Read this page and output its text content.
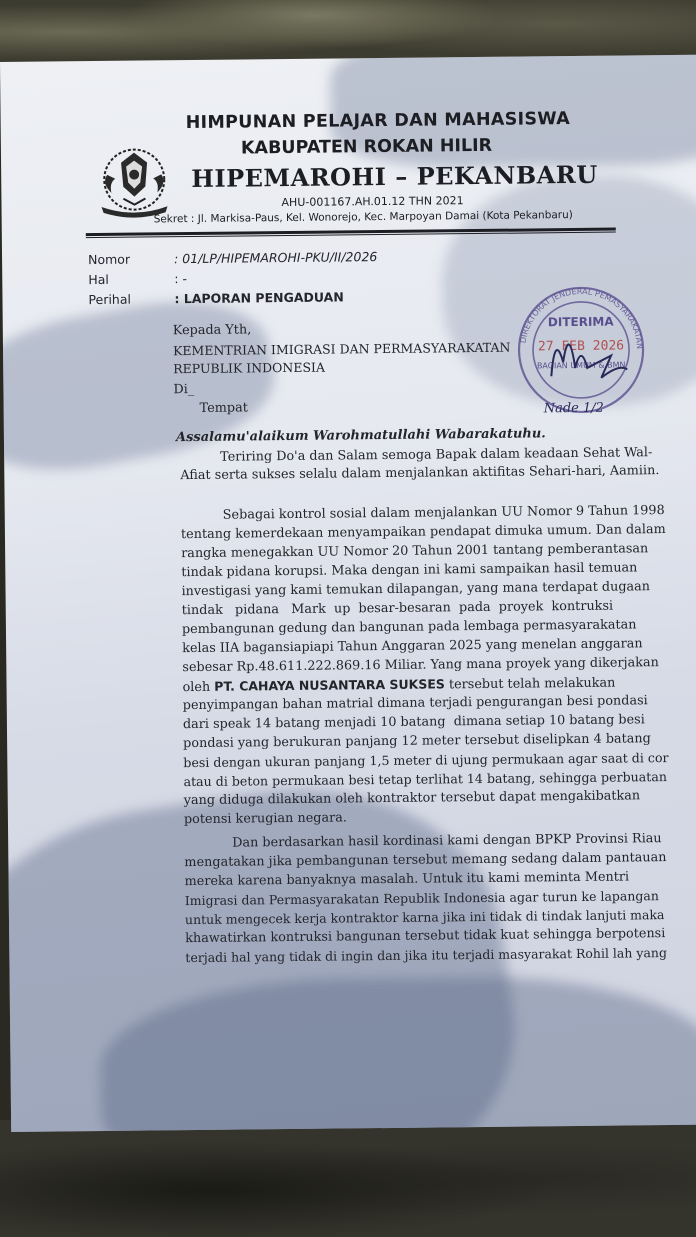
HIMPUNAN PELAJAR DAN MAHASISWA
KABUPATEN ROKAN HILIR
HIPEMAROHI – PEKANBARU
AHU-001167.AH.01.12 THN 2021
Sekret : Jl. Markisa-Paus, Kel. Wonorejo, Kec. Marpoyan Damai (Kota Pekanbaru)
Nomor	: 01/LP/HIPEMAROHI-PKU/II/2026
Hal	: -
Perihal	: LAPORAN PENGADUAN
DIREKTORAT JENDERAL PEMASYARAKATAN
DITERIMA
27 FEB 2026
BAGIAN UMUM & BMN
Nade 1/2
Kepada Yth,
KEMENTRIAN IMIGRASI DAN PERMASYARAKATAN
REPUBLIK INDONESIA
Di_
Tempat
Assalamu'alaikum Warohmatullahi Wabarakatuhu.
Teriring Do'a dan Salam semoga Bapak dalam keadaan Sehat Wal-
Afiat serta sukses selalu dalam menjalankan aktifitas Sehari-hari, Aamiin.
Sebagai kontrol sosial dalam menjalankan UU Nomor 9 Tahun 1998
tentang kemerdekaan menyampaikan pendapat dimuka umum. Dan dalam
rangka menegakkan UU Nomor 20 Tahun 2001 tantang pemberantasan
tindak pidana korupsi. Maka dengan ini kami sampaikan hasil temuan
investigasi yang kami temukan dilapangan, yang mana terdapat dugaan
tindak   pidana   Mark  up  besar-besaran  pada  proyek  kontruksi
pembangunan gedung dan bangunan pada lembaga permasyarakatan
kelas IIA bagansiapiapi Tahun Anggaran 2025 yang menelan anggaran
sebesar Rp.48.611.222.869.16 Miliar. Yang mana proyek yang dikerjakan
oleh PT. CAHAYA NUSANTARA SUKSES tersebut telah melakukan
penyimpangan bahan matrial dimana terjadi pengurangan besi pondasi
dari speak 14 batang menjadi 10 batang  dimana setiap 10 batang besi
pondasi yang berukuran panjang 12 meter tersebut diselipkan 4 batang
besi dengan ukuran panjang 1,5 meter di ujung permukaan agar saat di cor
atau di beton permukaan besi tetap terlihat 14 batang, sehingga perbuatan
yang diduga dilakukan oleh kontraktor tersebut dapat mengakibatkan
potensi kerugian negara.
Dan berdasarkan hasil kordinasi kami dengan BPKP Provinsi Riau
mengatakan jika pembangunan tersebut memang sedang dalam pantauan
mereka karena banyaknya masalah. Untuk itu kami meminta Mentri
Imigrasi dan Permasyarakatan Republik Indonesia agar turun ke lapangan
untuk mengecek kerja kontraktor karna jika ini tidak di tindak lanjuti maka
khawatirkan kontruksi bangunan tersebut tidak kuat sehingga berpotensi
terjadi hal yang tidak di ingin dan jika itu terjadi masyarakat Rohil lah yang
